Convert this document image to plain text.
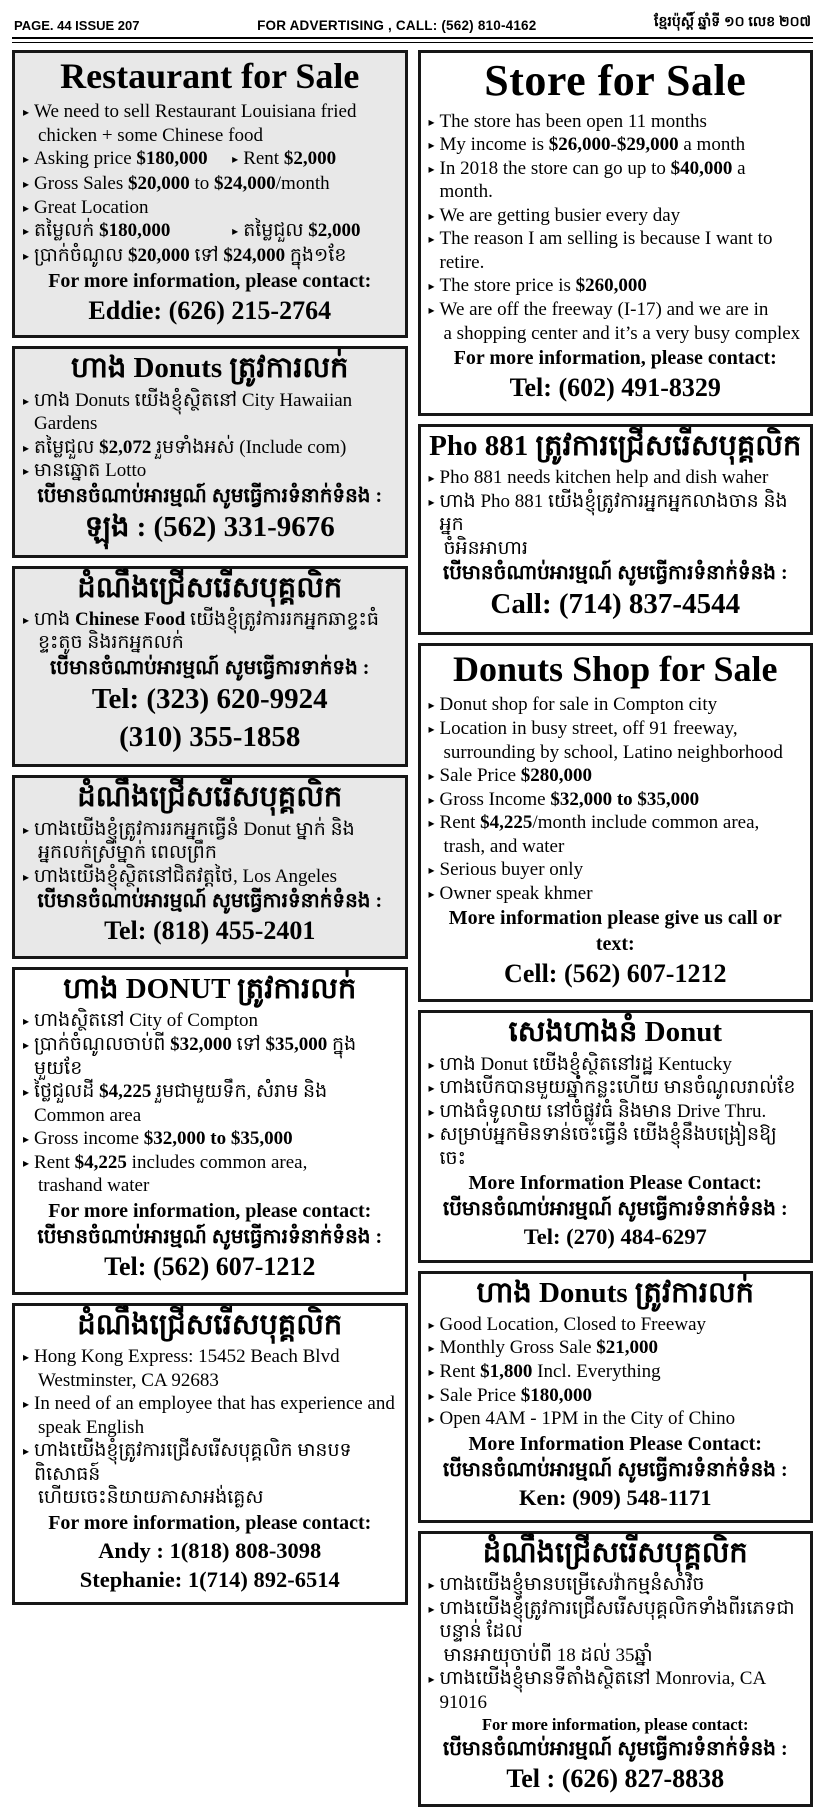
PAGE. 44 ISSUE 207	FOR ADVERTISING , CALL: (562) 810-4162	ខ្មែរប៉ុស្តិ៍ ឆ្នាំទី ១០ លេខ ២០៧
Restaurant for Sale
▸ We need to sell Restaurant Louisiana fried
chicken + some Chinese food
▸ Asking price $180,000 ▸ Rent $2,000
▸ Gross Sales $20,000 to $24,000/month
▸ Great Location
▸ តម្លៃលក់ $180,000	▸ តម្លៃជួល $2,000
▸ ប្រាក់ចំណូល $20,000 ទៅ $24,000 ក្នុង១ខែ
For more information, please contact:
Eddie: (626) 215-2764
ហាង Donuts ត្រូវការលក់
▸ ហាង Donuts យើងខ្ញុំស្ថិតនៅ City Hawaiian Gardens
▸ តម្លៃជួល $2,072 រួមទាំងអស់ (Include com)
▸ មានឆ្នោត Lotto
បើមានចំណាប់អារម្មណ៍ សូមធ្វើការទំនាក់ទំនង :
ឡុង : (562) 331-9676
ដំណឹងជ្រើសរើសបុគ្គលិក
▸ ហាង Chinese Food យើងខ្ញុំត្រូវការរកអ្នកឆាខ្ទះធំ
ខ្ទះតូច និងរកអ្នកលក់
បើមានចំណាប់អារម្មណ៍ សូមធ្វើការទាក់ទង :
Tel: (323) 620-9924
(310) 355-1858
ដំណឹងជ្រើសរើសបុគ្គលិក
▸ ហាងយើងខ្ញុំត្រូវការរកអ្នកធ្វើនំ Donut ម្នាក់ និង
អ្នកលក់ស្រីម្នាក់ ពេលព្រឹក
▸ ហាងយើងខ្ញុំស្ថិតនៅជិតវត្តថៃ, Los Angeles
បើមានចំណាប់អារម្មណ៍ សូមធ្វើការទំនាក់ទំនង :
Tel: (818) 455-2401
ហាង DONUT ត្រូវការលក់
▸ ហាងស្ថិតនៅ City of Compton
▸ ប្រាក់ចំណូលចាប់ពី $32,000 ទៅ $35,000 ក្នុងមួយខែ
▸ ថ្លៃជួលដី $4,225 រួមជាមួយទឹក, សំរាម និង Common area
▸ Gross income $32,000 to $35,000
▸ Rent $4,225 includes common area,
trashand water
For more information, please contact:
បើមានចំណាប់អារម្មណ៍ សូមធ្វើការទំនាក់ទំនង :
Tel: (562) 607-1212
ដំណឹងជ្រើសរើសបុគ្គលិក
▸ Hong Kong Express: 15452 Beach Blvd
Westminster, CA 92683
▸ In need of an employee that has experience and
speak English
▸ ហាងយើងខ្ញុំត្រូវការជ្រើសរើសបុគ្គលិក មានបទពិសោធន៍
ហើយចេះនិយាយភាសាអង់គ្លេស
For more information, please contact:
Andy : 1(818) 808-3098
Stephanie: 1(714) 892-6514
Store for Sale
▸ The store has been open 11 months
▸ My income is $26,000-$29,000 a month
▸ In 2018 the store can go up to $40,000 a month.
▸ We are getting busier every day
▸ The reason I am selling is because I want to retire.
▸ The store price is $260,000
▸ We are off the freeway (I-17) and we are in
a shopping center and it’s a very busy complex
For more information, please contact:
Tel: (602) 491-8329
Pho 881 ត្រូវការជ្រើសរើសបុគ្គលិក
▸ Pho 881 needs kitchen help and dish waher
▸ ហាង Pho 881 យើងខ្ញុំត្រូវការអ្នកអ្នកលាងចាន និងអ្នក
ចំអិនអាហារ
បើមានចំណាប់អារម្មណ៍ សូមធ្វើការទំនាក់ទំនង :
Call: (714) 837-4544
Donuts Shop for Sale
▸ Donut shop for sale in Compton city
▸ Location in busy street, off 91 freeway,
surrounding by school, Latino neighborhood
▸ Sale Price $280,000
▸ Gross Income $32,000 to $35,000
▸ Rent $4,225/month include common area,
trash, and water
▸ Serious buyer only
▸ Owner speak khmer
More information please give us call or text:
Cell: (562) 607-1212
សេងហាងនំ Donut
▸ ហាង Donut យើងខ្ញុំស្ថិតនៅរដ្ឋ Kentucky
▸ ហាងបើកបានមួយឆ្នាំកន្លះហើយ មានចំណូលរាល់ខែ
▸ ហាងធំទូលាយ នៅចំផ្លូវធំ និងមាន Drive Thru.
▸ សម្រាប់អ្នកមិនទាន់ចេះធ្វើនំ យើងខ្ញុំនឹងបង្រៀនឱ្យចេះ
More Information Please Contact:
បើមានចំណាប់អារម្មណ៍ សូមធ្វើការទំនាក់ទំនង :
Tel: (270) 484-6297
ហាង Donuts ត្រូវការលក់
▸ Good Location, Closed to Freeway
▸ Monthly Gross Sale $21,000
▸ Rent $1,800 Incl. Everything
▸ Sale Price $180,000
▸ Open 4AM - 1PM in the City of Chino
More Information Please Contact:
បើមានចំណាប់អារម្មណ៍ សូមធ្វើការទំនាក់ទំនង :
Ken: (909) 548-1171
ដំណឹងជ្រើសរើសបុគ្គលិក
▸ ហាងយើងខ្ញុំមានបម្រើសេវ៉ាកម្មនំសាំវិច
▸ ហាងយើងខ្ញុំត្រូវការជ្រើសរើសបុគ្គលិកទាំងពីរភេទជាបន្ទាន់ ដែល
មានអាយុចាប់ពី 18 ដល់ 35ឆ្នាំ
▸ ហាងយើងខ្ញុំមានទីតាំងស្ថិតនៅ Monrovia, CA 91016
For more information, please contact:
បើមានចំណាប់អារម្មណ៍ សូមធ្វើការទំនាក់ទំនង :
Tel : (626) 827-8838
